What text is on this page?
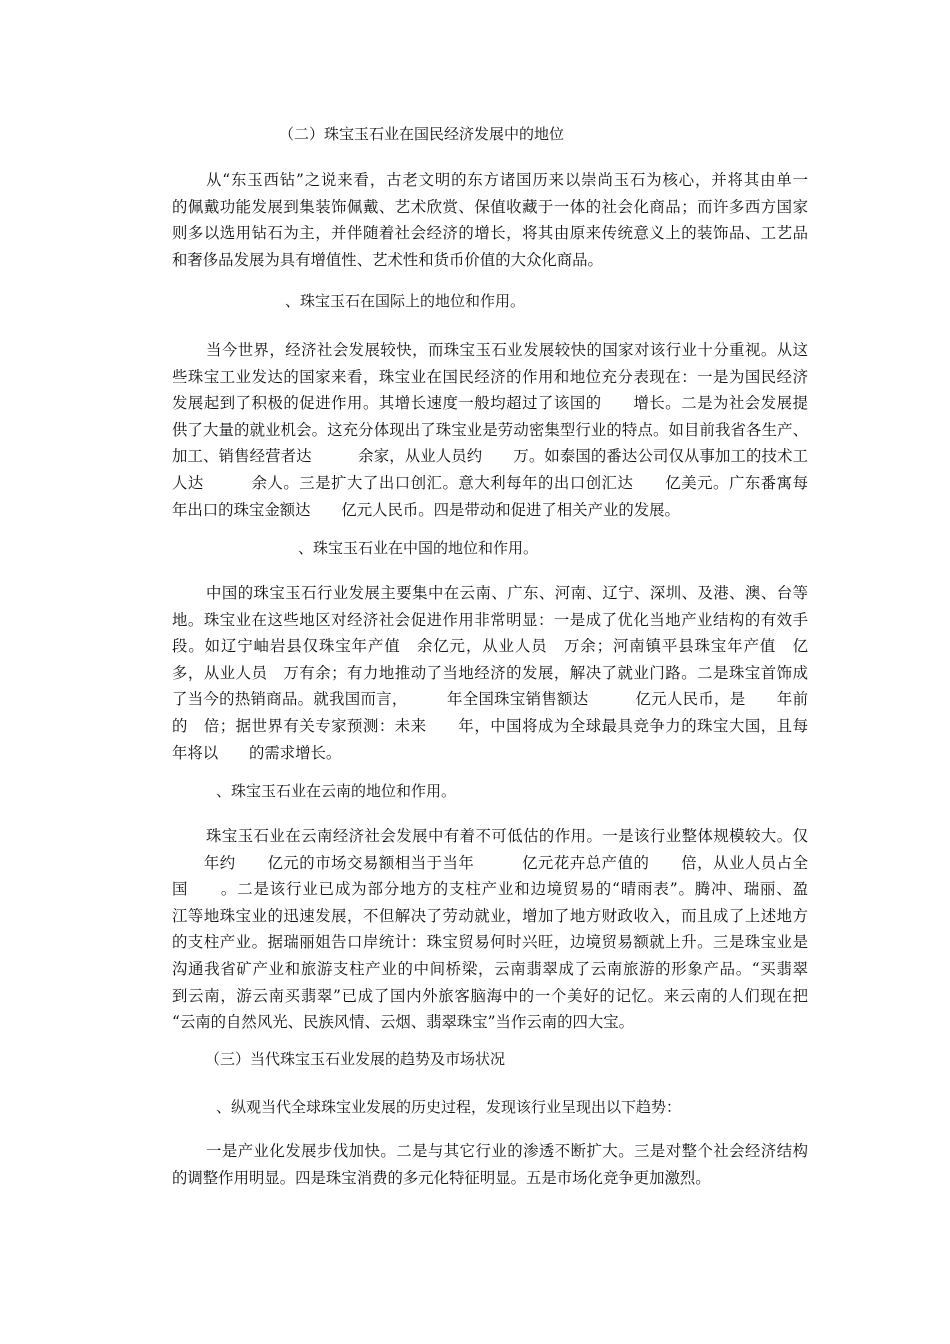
（二）珠宝玉石业在国民经济发展中的地位

从“东玉西钻”之说来看，古老文明的东方诸国历来以崇尚玉石为核心，并将其由单一
的佩戴功能发展到集装饰佩戴、艺术欣赏、保值收藏于一体的社会化商品；而许多西方国家
则多以选用钻石为主，并伴随着社会经济的增长，将其由原来传统意义上的装饰品、工艺品
和奢侈品发展为具有增值性、艺术性和货币价值的大众化商品。

、珠宝玉石在国际上的地位和作用。

当今世界，经济社会发展较快，而珠宝玉石业发展较快的国家对该行业十分重视。从这
些珠宝工业发达的国家来看，珠宝业在国民经济的作用和地位充分表现在：一是为国民经济
发展起到了积极的促进作用。其增长速度一般均超过了该国的　　增长。二是为社会发展提
供了大量的就业机会。这充分体现出了珠宝业是劳动密集型行业的特点。如目前我省各生产、
加工、销售经营者达　　　余家，从业人员约　　万。如泰国的番达公司仅从事加工的技术工
人达　　　余人。三是扩大了出口创汇。意大利每年的出口创汇达　　亿美元。广东番寓每
年出口的珠宝金额达　　亿元人民币。四是带动和促进了相关产业的发展。

、珠宝玉石业在中国的地位和作用。

中国的珠宝玉石行业发展主要集中在云南、广东、河南、辽宁、深圳、及港、澳、台等
地。珠宝业在这些地区对经济社会促进作用非常明显：一是成了优化当地产业结构的有效手
段。如辽宁岫岩县仅珠宝年产值　余亿元，从业人员　万余；河南镇平县珠宝年产值　亿
多，从业人员　万有余；有力地推动了当地经济的发展，解决了就业门路。二是珠宝首饰成
了当今的热销商品。就我国而言，　　　年全国珠宝销售额达　　　亿元人民币，是　　年前
的　倍；据世界有关专家预测：未来　　年，中国将成为全球最具竞争力的珠宝大国，且每
年将以　　的需求增长。

、珠宝玉石业在云南的地位和作用。

珠宝玉石业在云南经济社会发展中有着不可低估的作用。一是该行业整体规模较大。仅
　　年约　　亿元的市场交易额相当于当年　　　亿元花卉总产值的　　倍，从业人员占全
国　　。二是该行业已成为部分地方的支柱产业和边境贸易的“晴雨表”。腾冲、瑞丽、盈
江等地珠宝业的迅速发展，不但解决了劳动就业，增加了地方财政收入，而且成了上述地方
的支柱产业。据瑞丽姐告口岸统计：珠宝贸易何时兴旺，边境贸易额就上升。三是珠宝业是
沟通我省矿产业和旅游支柱产业的中间桥梁，云南翡翠成了云南旅游的形象产品。“买翡翠
到云南，游云南买翡翠”已成了国内外旅客脑海中的一个美好的记忆。来云南的人们现在把
“云南的自然风光、民族风情、云烟、翡翠珠宝”当作云南的四大宝。

（三）当代珠宝玉石业发展的趋势及市场状况

、纵观当代全球珠宝业发展的历史过程，发现该行业呈现出以下趋势：

一是产业化发展步伐加快。二是与其它行业的渗透不断扩大。三是对整个社会经济结构
的调整作用明显。四是珠宝消费的多元化特征明显。五是市场化竞争更加激烈。
